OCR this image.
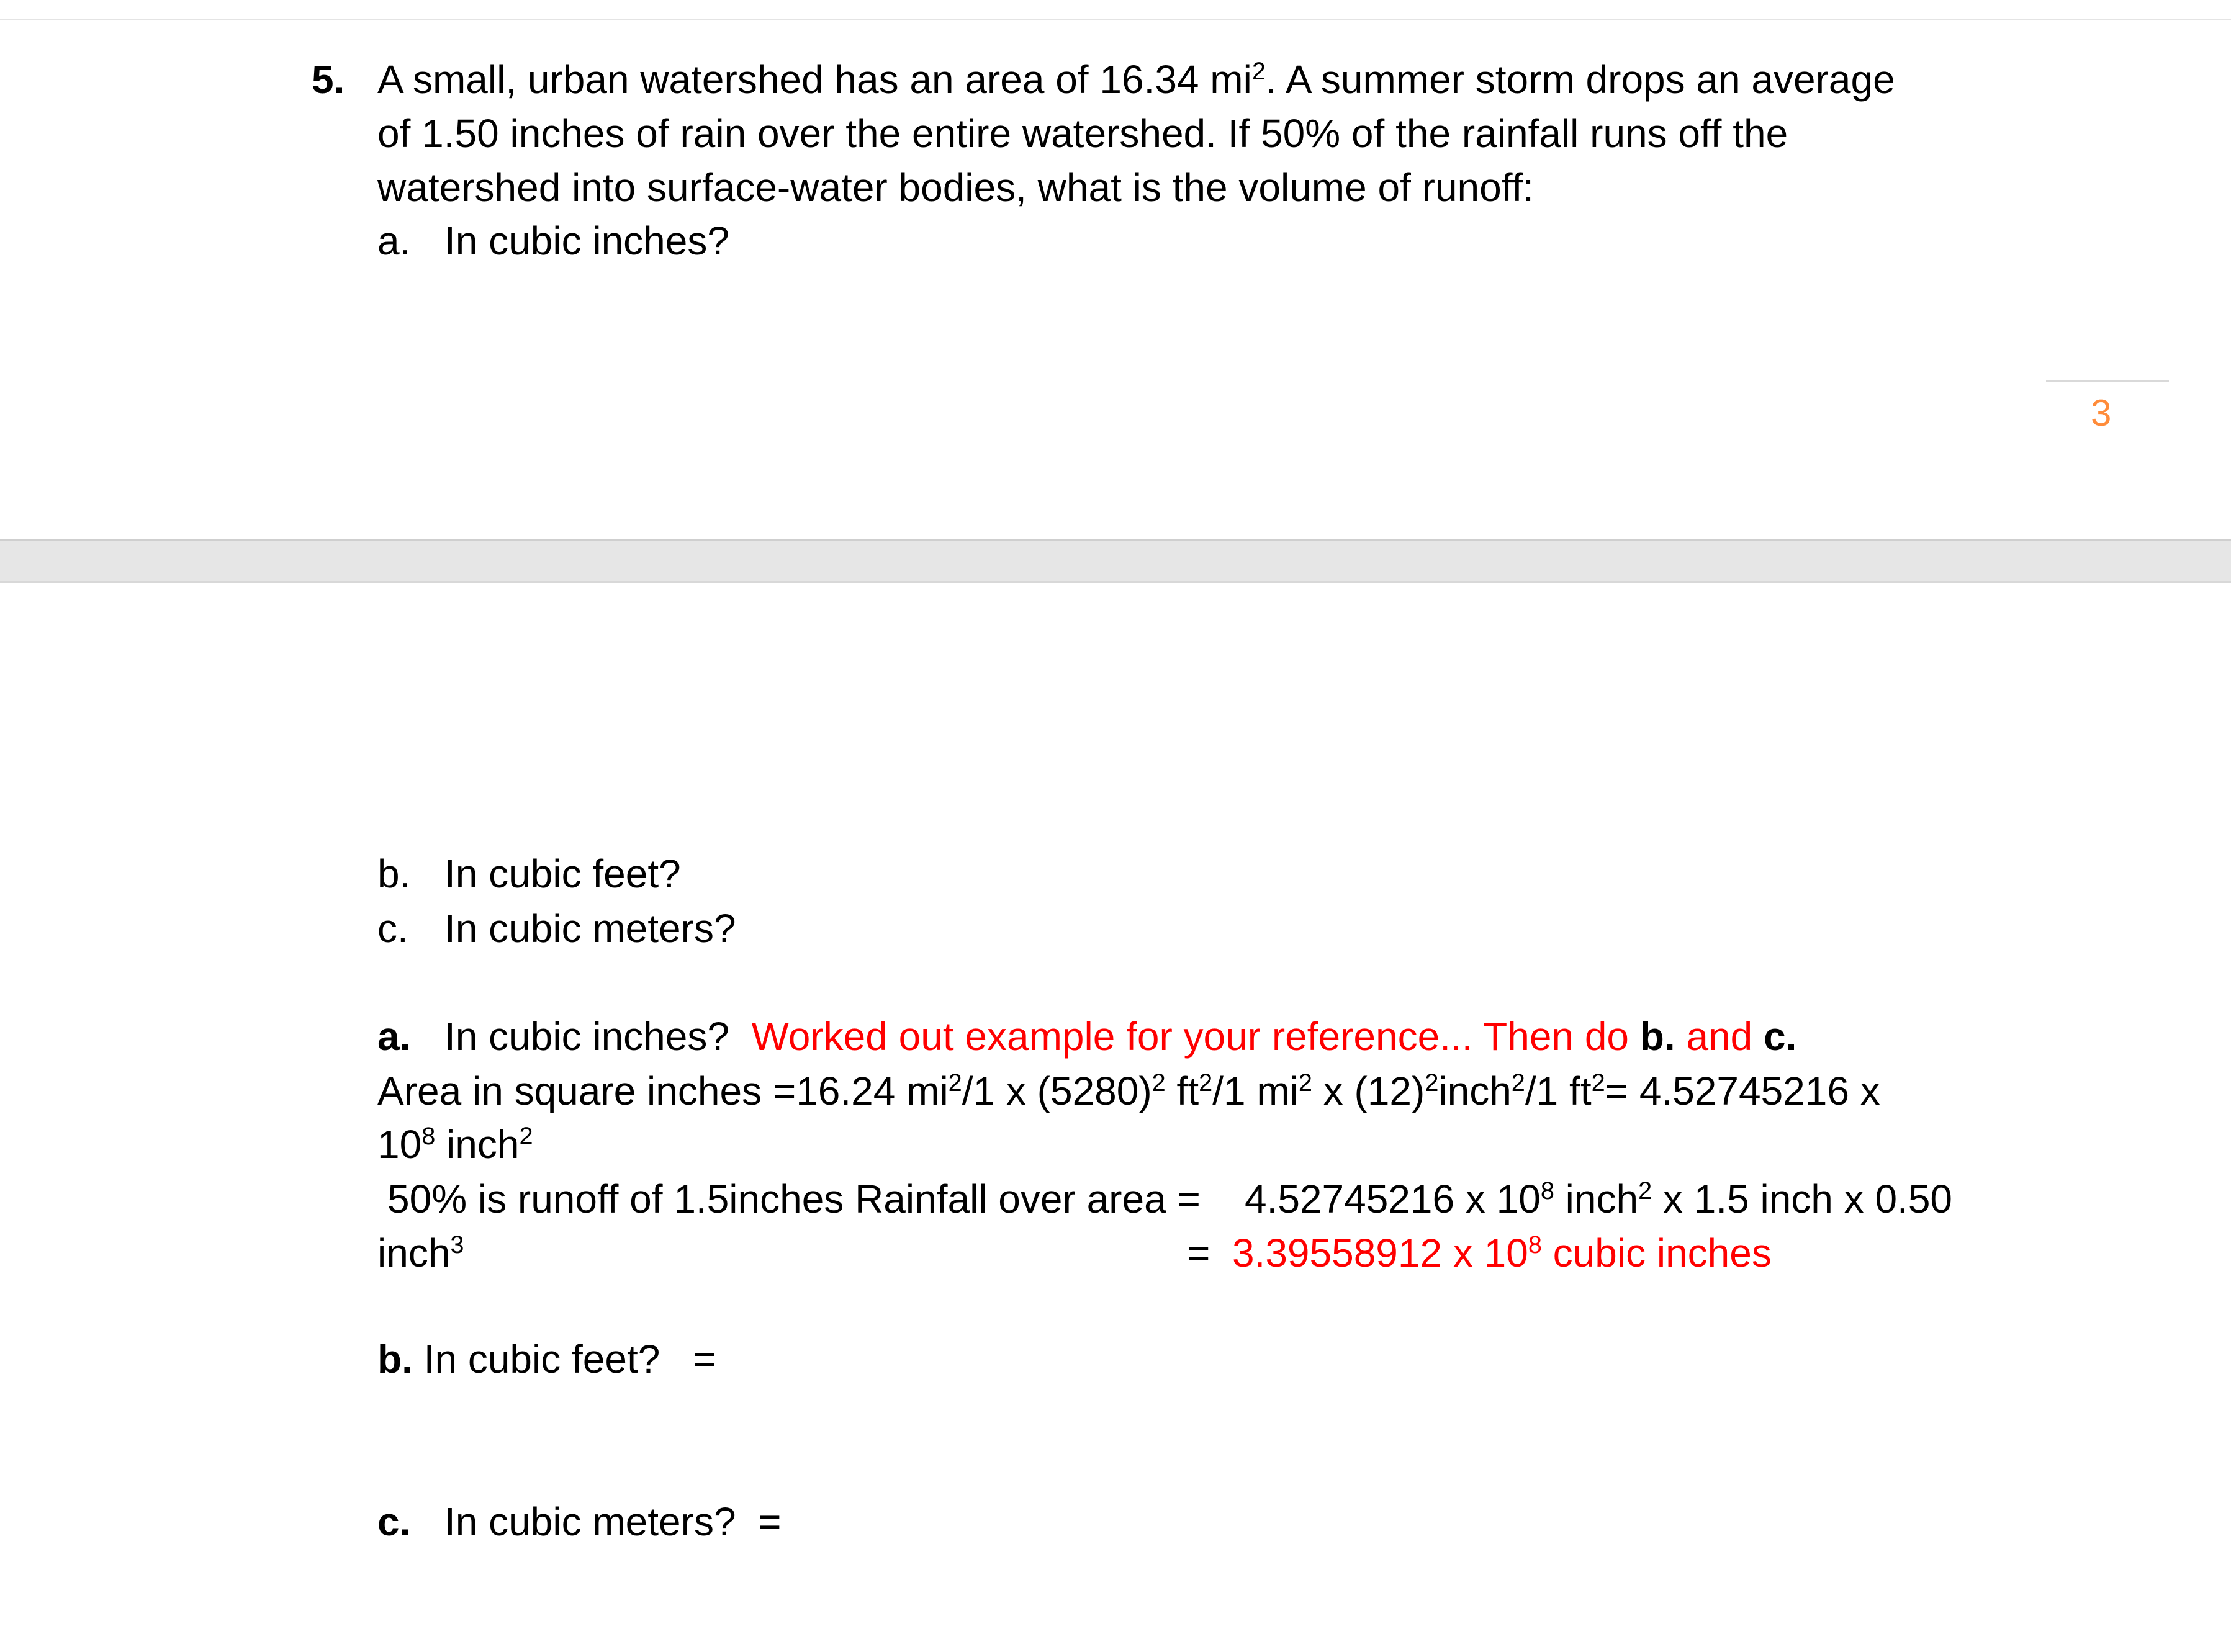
5. A small, urban watershed has an area of 16.34 $mi^2$. A summer storm drops an average
of 1.50 inches of rain over the entire watershed. If 50% of the rainfall runs off the
watershed into surface-water bodies, what is the volume of runoff:
a. In cubic inches?
3
b. In cubic feet?
c. In cubic meters?
a. In cubic inches? Worked out example for your reference... Then do b. and c.
Area in square inches =16.24 $mi^2/1$ x $(5280)^2$ $ft^2/1$ $mi^2$ x $(12)^2inch^2/1$ $ft^2= 4.52745216$ x
$10^8$ inch$^2$
50% is runoff of 1.5inches Rainfall over area =    4.52745216 x $10^8$ inch$^2$ x 1.5 inch x 0.50
inch$^3$	= 3.39558912 x $10^8$ cubic inches
b. In cubic feet?   =
c. In cubic meters?  =
